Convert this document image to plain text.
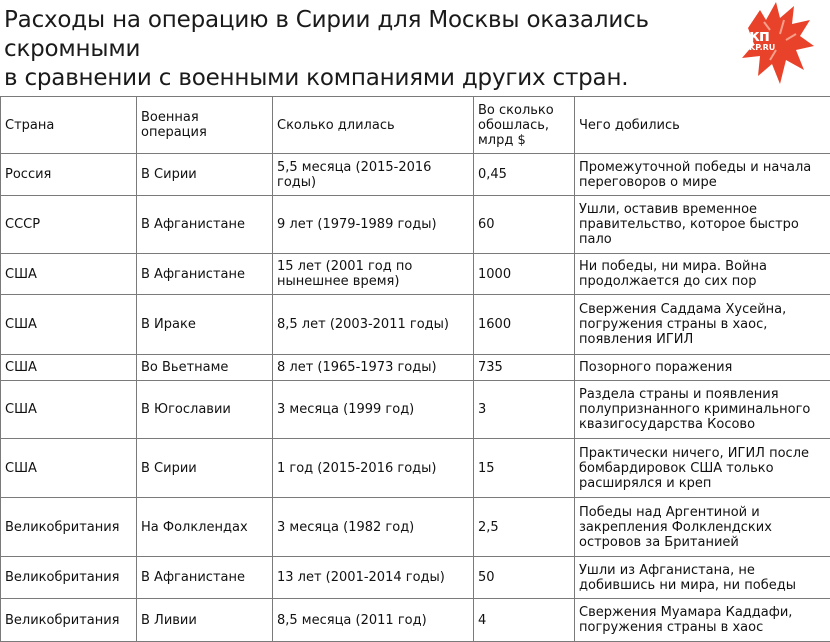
Расходы на операцию в Сирии для Москвы оказались скромными
в сравнении с военными компаниями других стран.
кп
KP.RU
Страна	Военная операция	Сколько длилась	Во сколько обошлась, млрд $	Чего добились
Россия	В Сирии	5,5 месяца (2015-2016 годы)	0,45	Промежуточной победы и начала переговоров о мире
СССР	В Афганистане	9 лет (1979-1989 годы)	60	Ушли, оставив временное правительство, которое быстро пало
США	В Афганистане	15 лет (2001 год по нынешнее время)	1000	Ни победы, ни мира. Война продолжается до сих пор
США	В Ираке	8,5 лет (2003-2011 годы)	1600	Свержения Саддама Хусейна, погружения страны в хаос, появления ИГИЛ
США	Во Вьетнаме	8 лет (1965-1973 годы)	735	Позорного поражения
США	В Югославии	3 месяца (1999 год)	3	Раздела страны и появления полупризнанного криминального квазигосударства Косово
США	В Сирии	1 год (2015-2016 годы)	15	Практически ничего, ИГИЛ после бомбардировок США только расширялся и креп
Великобритания	На Фолклендах	3 месяца (1982 год)	2,5	Победы над Аргентиной и закрепления Фолклендских островов за Британией
Великобритания	В Афганистане	13 лет (2001-2014 годы)	50	Ушли из Афганистана, не добившись ни мира, ни победы
Великобритания	В Ливии	8,5 месяца (2011 год)	4	Свержения Муамара Каддафи, погружения страны в хаос
